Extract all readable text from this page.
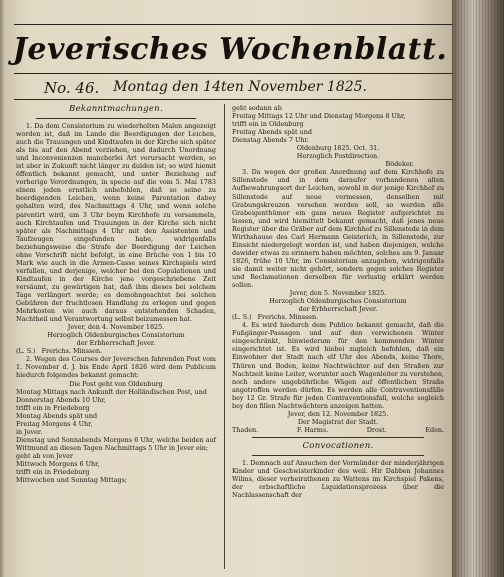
Jeverisches Wochenblatt.
No. 46. Montag den 14ten November 1825.

Bekanntmachungen.

1. Da dem Consistorium zu wiederholten Malen angezeigt worden ist, daß im Lande die Beerdigungen der Leichen, auch die Trauungen und Kindtaufen in der Kirche sich später als bis auf den Abend verziehen, und dadurch Unordnung und Inconvenienzen mancherlei Art verursacht werden, so ist aber in Zukunft nicht länger zu dulden ist; so wird hiemit öffentlich bekannt gemacht, und unter Beziehung auf vorherige Verordnungen, in specie auf die vom 5. Mai 1783 einem jeden ernstlich anbefohlen, daß so seine zu beerdigenden Leichen, wenn keine Parentation dabey gehalten wird, des Nachmittags 4 Uhr, und wenn solche parentirt wird, um 3 Uhr beym Kirchhofe zu versammeln, auch Kirchtaufen und Trauungen in der Kirche sich nicht später als Nachmittags 4 Uhr mit den Assistenten und Taufzeugen eingefunden habe, widrigenfalls beziehungsweise die Strafe der Beerdigung der Leichen ohne Vorschrift nicht befolgt, in eine Brüche von 1 bis 10 Mark wie auch in die Armen-Casse seines Kirchspiels wird verfallen, und derjenige, welcher bei den Copulationen und Kindtaufen in der Kirche jene vorgeschriebene Zeit versäumt, zu gewärtigen hat, daß ihm dieses bei solchem Tage verlängert werde; es demohngeachtet bei solchen Gebühren der fruchtlosen Handlung zu erlegen und gegen Mehrkosten wie auch daraus entstehenden Schaden, Nachtheil und Verantwortung selbst beizumessen hat.

Jever, den 4. November 1825.

Herzoglich Oldenburgisches Consistorium

der Erbherrschaft Jever.

(L. S.) Frerichs. Minssen.

2. Wegen des Courses der Jeverschen fahrenden Post vom 1. November d. J. bis Ende April 1826 wird dem Publicum hiedurch folgendes bekannt gemacht:

Die Post geht von Oldenburg

Montag Mittags nach Ankunft der Holländischen Post, und

Donnerstag Abends 10 Uhr,

trifft ein in Friedeburg

Montag Abends spät und

Freitag Morgens 4 Uhr,

in Jever.

Dienstag und Sonnabends Morgens 6 Uhr, welche beiden auf Wittmund an diesen Tagen Nachmittags 5 Uhr in Jever ein;

geht ab von Jever

Mittwoch Morgens 6 Uhr,

trifft ein in Friedeburg

Mittwochen und Sonntag Mittags;

geht sodann ab

Freitag Mittags 12 Uhr und Dienstag Morgens 8 Uhr,

trifft ein in Oldenburg

Freitag Abends spät und

Dienstag Abends 7 Uhr.

Oldenburg 1825. Oct. 31.

Herzoglich Postdirection.

Bödeker.

3. Da wegen der großen Anordnung auf dem Kirchhofe zu Sillenstede und in dem daraufer vorhandenen alten Aufbewahrungsort der Leichen, sowohl in der jenige Kirchhof zu Sillenstede auf neue vermessen, denselben mit Grabungskreuzen versehen werden soll, so werden alle Grabeigenthümer ein gans neues Register aufgerichtet zu lassen, und wird hiemittelt bekannt gemacht, daß jenes neue Register über die Gräber auf dem Kirchhof zu Sillenstede in dem Wirthshause des Carl Hermann Geisterich, in Sillenstede, zur Einsicht niedergelegt worden ist, und haben diejenigen, welche dawider etwas zu erinnern haben möchten, solches am 9. Januar 1826, frühe 10 Uhr, im Consistorium anzugeben, widrigenfalls sie damit weiter nicht gehört, sondern gegen solches Register und Reclamationen derselben für verlustig erklärt werden sollen.

Jever, den 5. November 1825.

Herzoglich Oldenburgisches Consistorium

der Erbherrschaft Jever.

(L. S.) Frerichs. Minssen.

4. Es wird hiedurch dem Publico bekannt gemacht, daß die Fußgänger-Passagen und auf den verwichenen Winter eingeschränkt, hinwiederum für den kommenden Winter eingerichtet ist. Es wird hiebei zugleich befohlen, daß ein Einwohner der Stadt nach elf Uhr des Abends, keine Thore, Thüren und Boden, keine Nachtwächter auf den Straßen zur Nachtzeit keine Leiter, worunter auch Wagenleiter zu verstehen, noch andere ungebührliche Wägen auf öffentlichen Straße angetroffen werden dürfen. Es werden alle Contraventionsfälle bey 12 Gr. Strafe für jeden Contraventionsfall, welche sogleich bey den fillen Nachtwächtern anzeigen hatten.

Jever, den 12. November 1825.

Der Magistrat der Stadt.

Thaden.	F. Harms.	Drost.	Eden.

Convocationen.

1. Demnach auf Ansuchen der Vormünder der minderjährigen Kinder und Geschwisterkinder des weil. Hir Dabben Johannes Wilms, dieser verheirathenen zu Wattens im Kirchspiel Pakens, der erbschaftliche Liquidationsprozess über die Nachlassenschaft der
